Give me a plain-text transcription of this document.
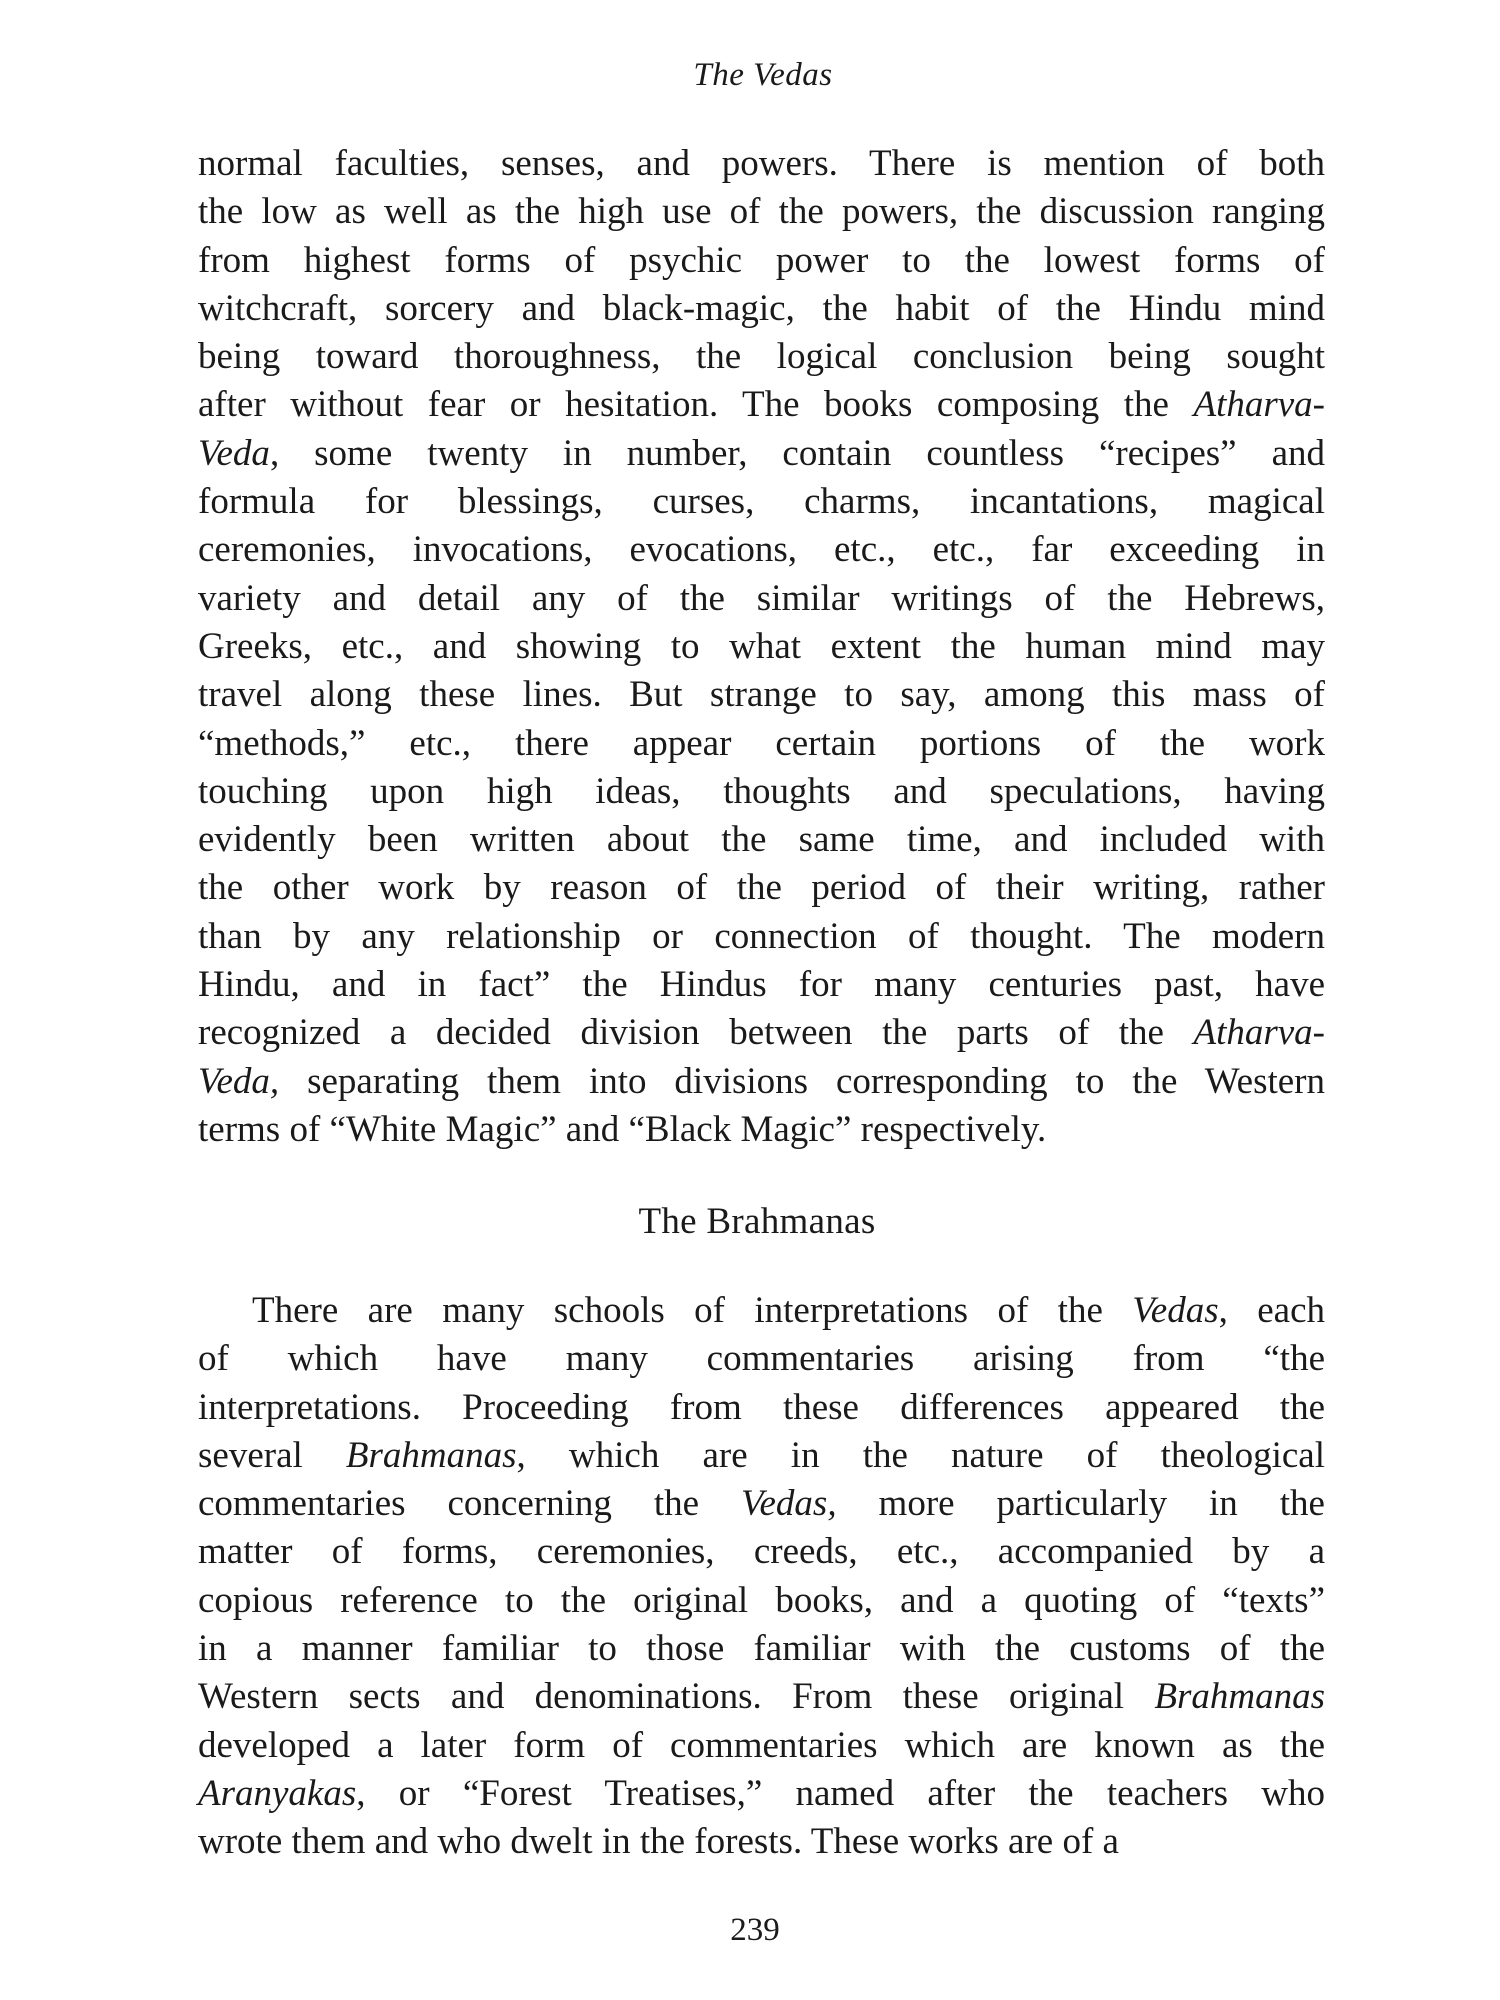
The Vedas
normal faculties, senses, and powers. There is mention of both
the low as well as the high use of the powers, the discussion ranging
from highest forms of psychic power to the lowest forms of
witchcraft, sorcery and black-magic, the habit of the Hindu mind
being toward thoroughness, the logical conclusion being sought
after without fear or hesitation. The books composing the Atharva-
Veda, some twenty in number, contain countless “recipes” and
formula for blessings, curses, charms, incantations, magical
ceremonies, invocations, evocations, etc., etc., far exceeding in
variety and detail any of the similar writings of the Hebrews,
Greeks, etc., and showing to what extent the human mind may
travel along these lines. But strange to say, among this mass of
“methods,” etc., there appear certain portions of the work
touching upon high ideas, thoughts and speculations, having
evidently been written about the same time, and included with
the other work by reason of the period of their writing, rather
than by any relationship or connection of thought. The modern
Hindu, and in fact” the Hindus for many centuries past, have
recognized a decided division between the parts of the Atharva-
Veda, separating them into divisions corresponding to the Western
terms of “White Magic” and “Black Magic” respectively.
The Brahmanas
There are many schools of interpretations of the Vedas, each
of which have many commentaries arising from “the
interpretations. Proceeding from these differences appeared the
several Brahmanas, which are in the nature of theological
commentaries concerning the Vedas, more particularly in the
matter of forms, ceremonies, creeds, etc., accompanied by a
copious reference to the original books, and a quoting of “texts”
in a manner familiar to those familiar with the customs of the
Western sects and denominations. From these original Brahmanas
developed a later form of commentaries which are known as the
Aranyakas, or “Forest Treatises,” named after the teachers who
wrote them and who dwelt in the forests. These works are of a
239
